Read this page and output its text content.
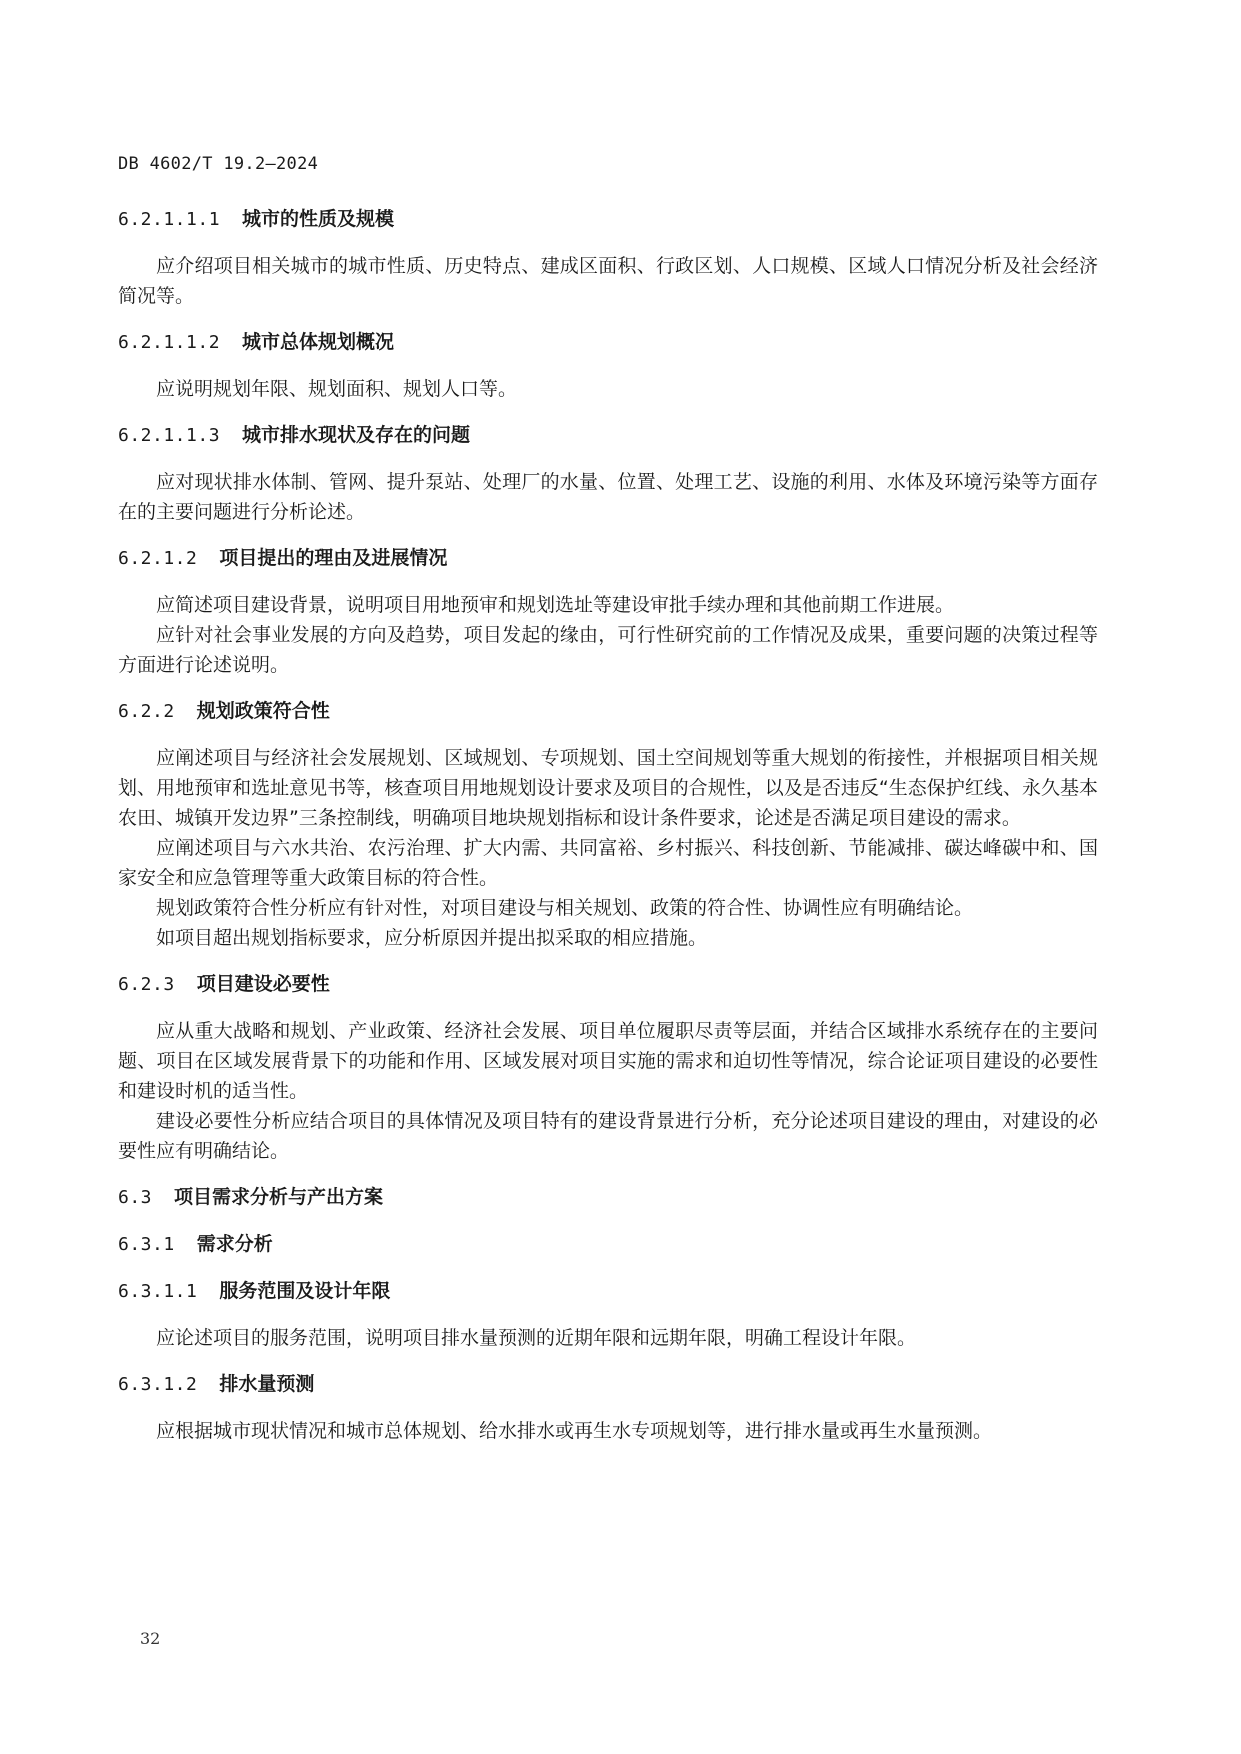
DB 4602/T 19.2—2024
6.2.1.1.1 城市的性质及规模

应介绍项目相关城市的城市性质、历史特点、建成区面积、行政区划、人口规模、区域人口情况分析及社会经济简况等。

6.2.1.1.2 城市总体规划概况

应说明规划年限、规划面积、规划人口等。

6.2.1.1.3 城市排水现状及存在的问题

应对现状排水体制、管网、提升泵站、处理厂的水量、位置、处理工艺、设施的利用、水体及环境污染等方面存在的主要问题进行分析论述。

6.2.1.2 项目提出的理由及进展情况

应简述项目建设背景，说明项目用地预审和规划选址等建设审批手续办理和其他前期工作进展。

应针对社会事业发展的方向及趋势，项目发起的缘由，可行性研究前的工作情况及成果，重要问题的决策过程等方面进行论述说明。

6.2.2 规划政策符合性

应阐述项目与经济社会发展规划、区域规划、专项规划、国土空间规划等重大规划的衔接性，并根据项目相关规划、用地预审和选址意见书等，核查项目用地规划设计要求及项目的合规性，以及是否违反“生态保护红线、永久基本农田、城镇开发边界”三条控制线，明确项目地块规划指标和设计条件要求，论述是否满足项目建设的需求。

应阐述项目与六水共治、农污治理、扩大内需、共同富裕、乡村振兴、科技创新、节能减排、碳达峰碳中和、国家安全和应急管理等重大政策目标的符合性。

规划政策符合性分析应有针对性，对项目建设与相关规划、政策的符合性、协调性应有明确结论。

如项目超出规划指标要求，应分析原因并提出拟采取的相应措施。

6.2.3 项目建设必要性

应从重大战略和规划、产业政策、经济社会发展、项目单位履职尽责等层面，并结合区域排水系统存在的主要问题、项目在区域发展背景下的功能和作用、区域发展对项目实施的需求和迫切性等情况，综合论证项目建设的必要性和建设时机的适当性。

建设必要性分析应结合项目的具体情况及项目特有的建设背景进行分析，充分论述项目建设的理由，对建设的必要性应有明确结论。

6.3 项目需求分析与产出方案
6.3.1 需求分析
6.3.1.1 服务范围及设计年限

应论述项目的服务范围，说明项目排水量预测的近期年限和远期年限，明确工程设计年限。

6.3.1.2 排水量预测

应根据城市现状情况和城市总体规划、给水排水或再生水专项规划等，进行排水量或再生水量预测。

32
